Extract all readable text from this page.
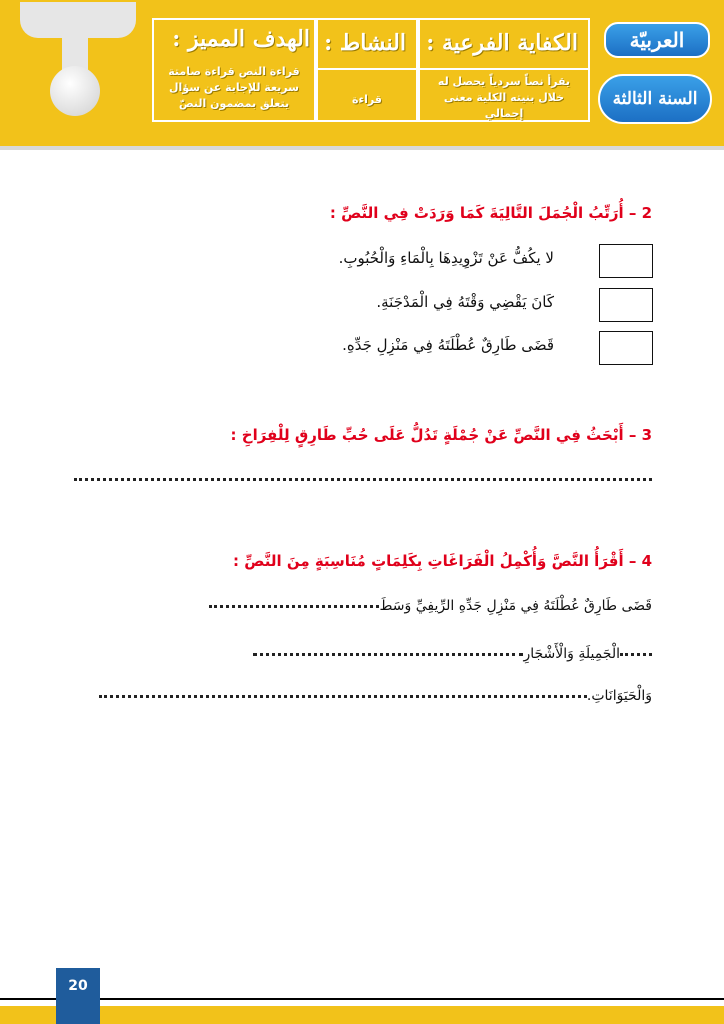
الهدف المميز :
قراءة النص قراءة صامتة سريعة للإجابة عن سؤال يتعلق بمضمون النصّ
النشاط :
قراءة
الكفاية الفرعية :
يقرأ نصاً سردياً يحصل له خلال بنيته الكلية معنى إجمالي
العربيّة
السنة الثالثة
2 – أُرَتِّبُ الْجُمَلَ التَّالِيَةَ كَمَا وَرَدَتْ فِي النَّصِّ :
لا يكُفُّ عَنْ تَزْوِيدِهَا بِالْمَاءِ وَالْحُبُوبِ.
كَانَ يَقْضِي وَقْتَهُ فِي الْمَدْجَنَةِ.
قَضَى طَارِقٌ عُطْلَتَهُ فِي مَنْزِلِ جَدِّهِ.
3 – أَبْحَثُ فِي النَّصِّ عَنْ جُمْلَةٍ تَدُلُّ عَلَى حُبِّ طَارِقٍ لِلْفِرَاخِ :
4 – أَقْرَأُ النَّصَّ وَأُكْمِلُ الْفَرَاغَاتِ بِكَلِمَاتٍ مُنَاسِبَةٍ مِنَ النَّصِّ :
قَضَى طَارِقٌ عُطْلَتَهُ فِي مَنْزِلِ جَدِّهِ الرِّيفِيِّ وَسَطَ
الْجَمِيلَةِ وَالْأَشْجَارِ
وَالْحَيَوَانَاتِ.
20
